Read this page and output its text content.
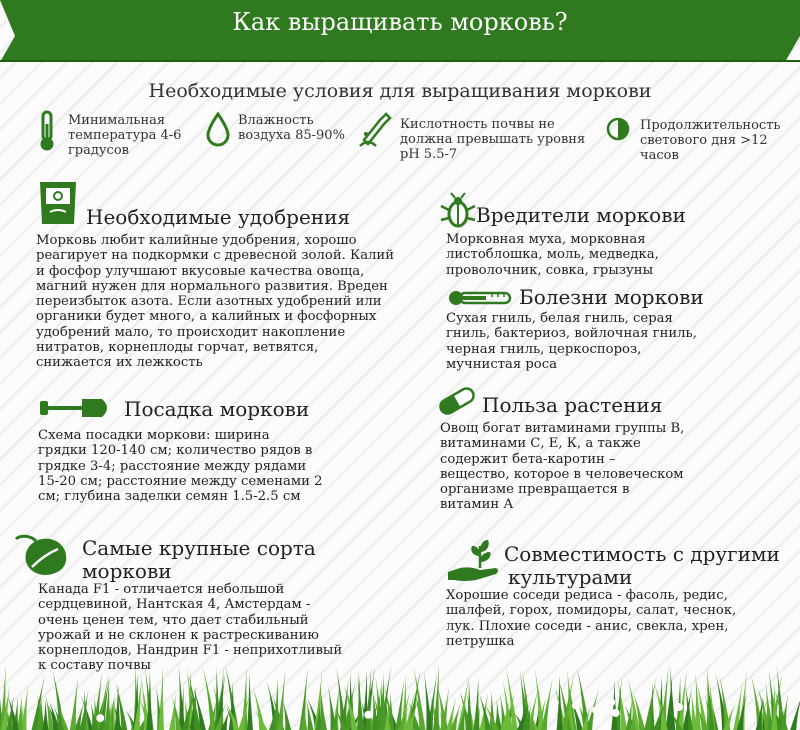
Как выращивать морковь?
Необходимые условия для выращивания моркови
Минимальная
температура 4-6
градусов
Влажность
воздуха 85-90%
Кислотность почвы не
должна превышать уровня
pH 5.5-7
Продолжительность
светового дня >12
часов
Необходимые удобрения
Морковь любит калийные удобрения, хорошо
реагирует на подкормки с древесной золой. Калий
и фосфор улучшают вкусовые качества овоща,
магний нужен для нормального развития. Вреден
переизбыток азота. Если азотных удобрений или
органики будет много, а калийных и фосфорных
удобрений мало, то происходит накопление
нитратов, корнеплоды горчат, ветвятся,
снижается их лежкость
Посадка моркови
Схема посадки моркови: ширина
грядки 120-140 см; количество рядов в
грядке 3-4; расстояние между рядами
15-20 см; расстояние между семенами 2
см; глубина заделки семян 1.5-2.5 см
Самые крупные сорта
моркови
Канада F1 - отличается небольшой
сердцевиной, Нантская 4, Амстердам -
очень ценен тем, что дает стабильный
урожай и не склонен к растрескиванию
корнеплодов, Нандрин F1 - неприхотливый
к составу почвы
Вредители моркови
Морковная муха, морковная
листоблошка, моль, медведка,
проволочник, совка, грызуны
Болезни моркови
Сухая гниль, белая гниль, серая
гниль, бактериоз, войлочная гниль,
черная гниль, церкоспороз,
мучнистая роса
Польза растения
Овощ богат витаминами группы В,
витаминами С, Е, К, а также
содержит бета-каротин –
вещество, которое в человеческом
организме превращается в
витамин А
Совместимость с другими
культурами
Хорошие соседи редиса - фасоль, редис,
шалфей, горох, помидоры, салат, чеснок,
лук. Плохие соседи - анис, свекла, хрен,
петрушка
